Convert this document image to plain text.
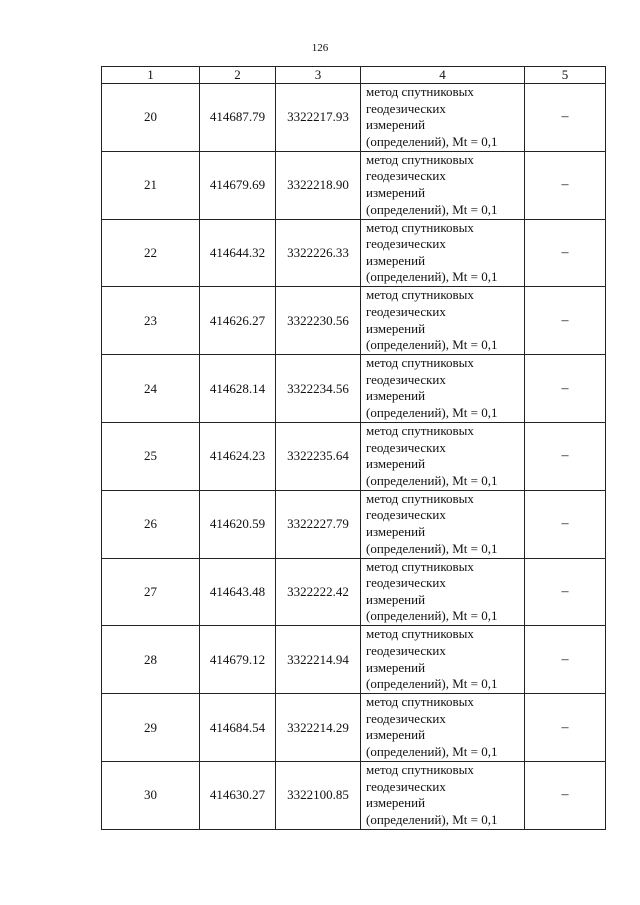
126
1	2	3	4	5
20	414687.79	3322217.93	метод спутниковых
геодезических
измерений
(определений), Mt = 0,1	–
21	414679.69	3322218.90	метод спутниковых
геодезических
измерений
(определений), Mt = 0,1	–
22	414644.32	3322226.33	метод спутниковых
геодезических
измерений
(определений), Mt = 0,1	–
23	414626.27	3322230.56	метод спутниковых
геодезических
измерений
(определений), Mt = 0,1	–
24	414628.14	3322234.56	метод спутниковых
геодезических
измерений
(определений), Mt = 0,1	–
25	414624.23	3322235.64	метод спутниковых
геодезических
измерений
(определений), Mt = 0,1	–
26	414620.59	3322227.79	метод спутниковых
геодезических
измерений
(определений), Mt = 0,1	–
27	414643.48	3322222.42	метод спутниковых
геодезических
измерений
(определений), Mt = 0,1	–
28	414679.12	3322214.94	метод спутниковых
геодезических
измерений
(определений), Mt = 0,1	–
29	414684.54	3322214.29	метод спутниковых
геодезических
измерений
(определений), Mt = 0,1	–
30	414630.27	3322100.85	метод спутниковых
геодезических
измерений
(определений), Mt = 0,1	–
